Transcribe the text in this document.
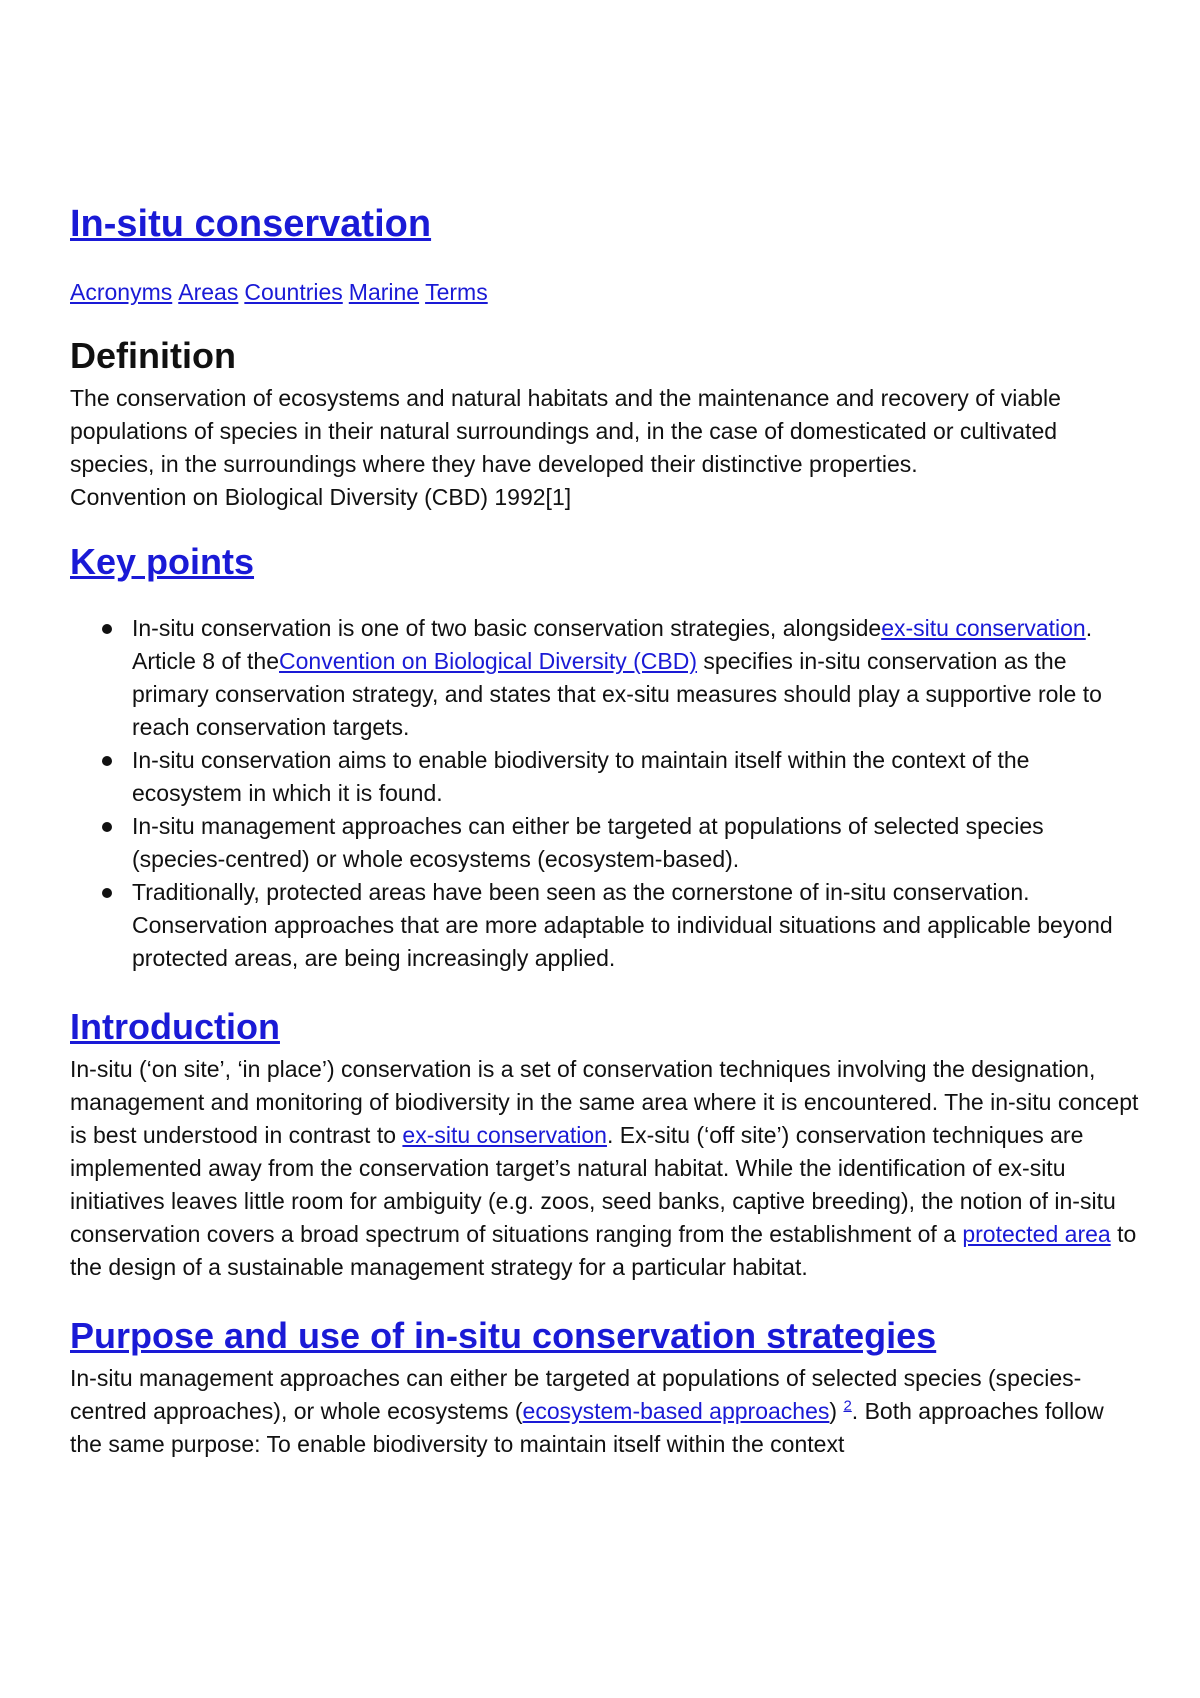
In-situ conservation
Acronyms Areas Countries Marine Terms
Definition

The conservation of ecosystems and natural habitats and the maintenance and recovery of viable populations of species in their natural surroundings and, in the case of domesticated or cultivated species, in the surroundings where they have developed their distinctive properties.

Convention on Biological Diversity (CBD) 1992[1]

Key points
In-situ conservation is one of two basic conservation strategies, alongsideex-situ conservation. Article 8 of theConvention on Biological Diversity (CBD) specifies in-situ conservation as the primary conservation strategy, and states that ex-situ measures should play a supportive role to reach conservation targets.
In-situ conservation aims to enable biodiversity to maintain itself within the context of the ecosystem in which it is found.
In-situ management approaches can either be targeted at populations of selected species (species-centred) or whole ecosystems (ecosystem-based).
Traditionally, protected areas have been seen as the cornerstone of in-situ conservation. Conservation approaches that are more adaptable to individual situations and applicable beyond protected areas, are being increasingly applied.
Introduction

In-situ (‘on site’, ‘in place’) conservation is a set of conservation techniques involving the designation, management and monitoring of biodiversity in the same area where it is encountered. The in-situ concept is best understood in contrast to ex-situ conservation. Ex-situ (‘off site’) conservation techniques are implemented away from the conservation target’s natural habitat. While the identification of ex-situ initiatives leaves little room for ambiguity (e.g. zoos, seed banks, captive breeding), the notion of in-situ conservation covers a broad spectrum of situations ranging from the establishment of a protected area to the design of a sustainable management strategy for a particular habitat.

Purpose and use of in-situ conservation strategies

In-situ management approaches can either be targeted at populations of selected species (species-centred approaches), or whole ecosystems (ecosystem-based approaches) $^2$. Both approaches follow the same purpose: To enable biodiversity to maintain itself within the context
